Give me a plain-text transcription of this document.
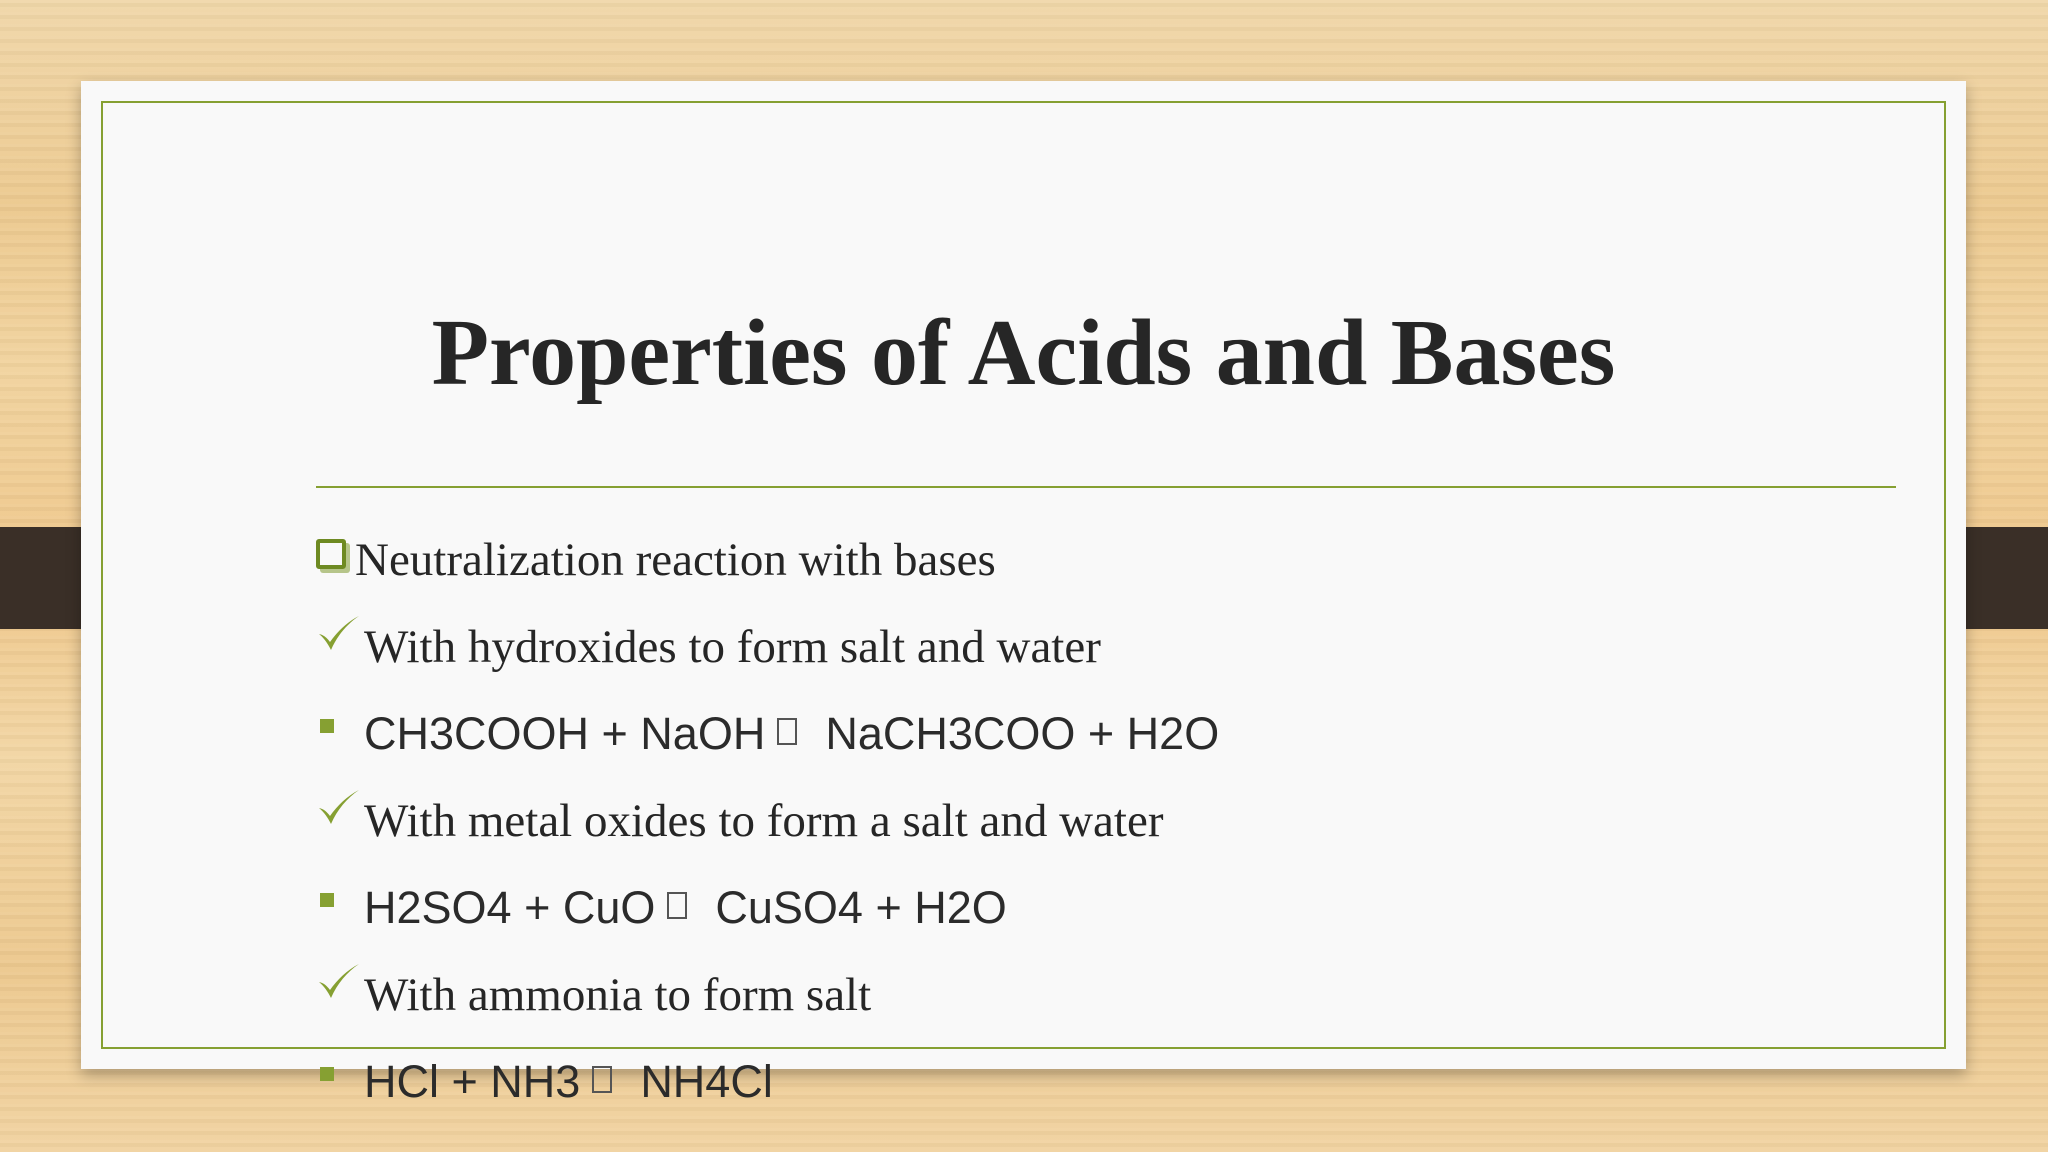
Properties of Acids and Bases
Neutralization reaction with bases
With hydroxides to form salt and water
CH3COOH + NaOH NaCH3COO + H2O
With metal oxides to form a salt and water
H2SO4 + CuO CuSO4 + H2O
With ammonia to form salt
HCl + NH3 NH4Cl
